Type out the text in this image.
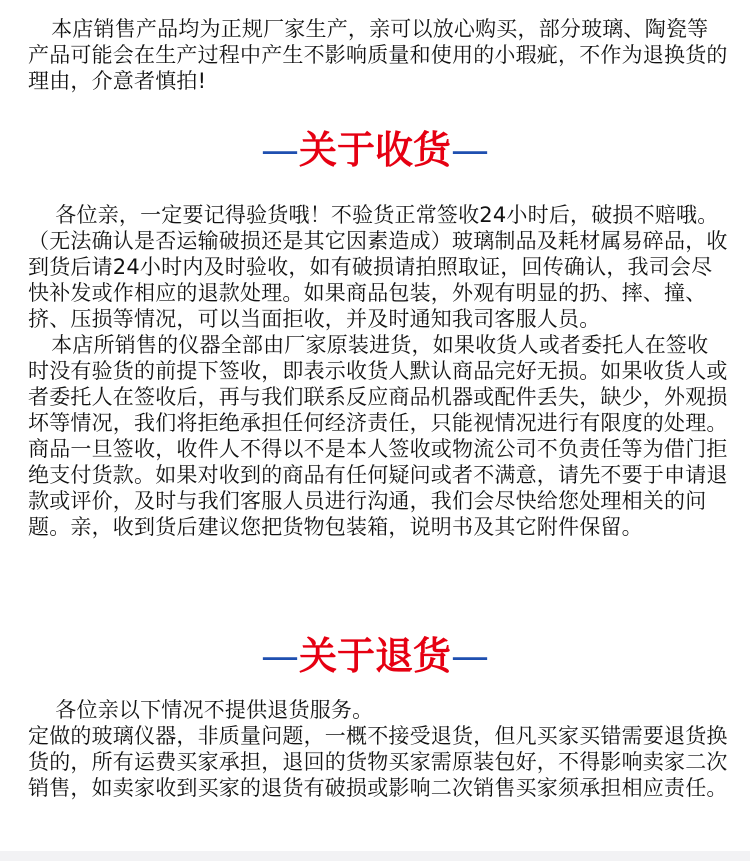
本店销售产品均为正规厂家生产，亲可以放心购买，部分玻璃、陶瓷等产品可能会在生产过程中产生不影响质量和使用的小瑕疵，不作为退换货的理由，介意者慎拍!

—关于收货—

各位亲，一定要记得验货哦！不验货正常签收24小时后，破损不赔哦。（无法确认是否运输破损还是其它因素造成）玻璃制品及耗材属易碎品，收到货后请24小时内及时验收，如有破损请拍照取证，回传确认，我司会尽快补发或作相应的退款处理。如果商品包装，外观有明显的扔、摔、撞、挤、压损等情况，可以当面拒收，并及时通知我司客服人员。

本店所销售的仪器全部由厂家原装进货，如果收货人或者委托人在签收时没有验货的前提下签收，即表示收货人默认商品完好无损。如果收货人或者委托人在签收后，再与我们联系反应商品机器或配件丢失，缺少，外观损坏等情况，我们将拒绝承担任何经济责任，只能视情况进行有限度的处理。商品一旦签收，收件人不得以不是本人签收或物流公司不负责任等为借门拒绝支付货款。如果对收到的商品有任何疑问或者不满意，请先不要于申请退款或评价，及时与我们客服人员进行沟通，我们会尽快给您处理相关的问题。亲，收到货后建议您把货物包装箱，说明书及其它附件保留。

—关于退货—

各位亲以下情况不提供退货服务。

定做的玻璃仪器，非质量问题，一概不接受退货，但凡买家买错需要退货换货的，所有运费买家承担，退回的货物买家需原装包好，不得影响卖家二次销售，如卖家收到买家的退货有破损或影响二次销售买家须承担相应责任。
